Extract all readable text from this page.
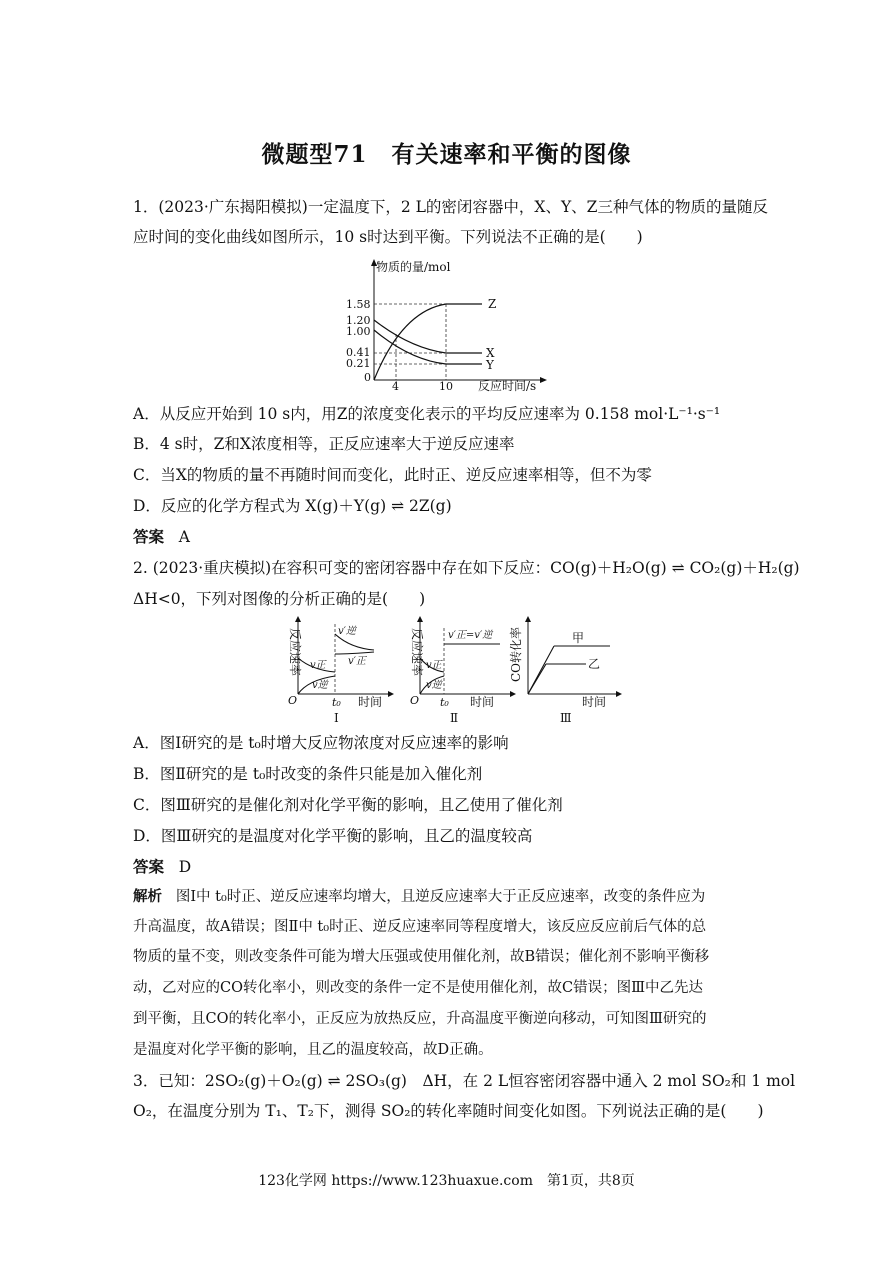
微题型71　有关速率和平衡的图像
1．(2023·广东揭阳模拟)一定温度下，2 L的密闭容器中，X、Y、Z三种气体的物质的量随反
应时间的变化曲线如图所示，10 s时达到平衡。下列说法不正确的是(　　)
物质的量/mol
反应时间/s
0
1.58
1.20
1.00
0.41
0.21
4	10
Z
X
Y
A．从反应开始到 10 s内，用Z的浓度变化表示的平均反应速率为 0.158 mol·L⁻¹·s⁻¹
B．4 s时，Z和X浓度相等，正反应速率大于逆反应速率
C．当X的物质的量不再随时间而变化，此时正、逆反应速率相等，但不为零
D．反应的化学方程式为 X(g)＋Y(g) ⇌ 2Z(g)
答案 A
2. (2023·重庆模拟)在容积可变的密闭容器中存在如下反应：CO(g)＋H₂O(g) ⇌ CO₂(g)＋H₂(g)
ΔH<0，下列对图像的分析正确的是(　　)
反应速率
O	t₀ 时间
v正
v逆
v′逆
v′正
Ⅰ
反应速率
O t₀ 时间
v′正=v′逆
v正
v逆
Ⅱ
CO转化率	甲
乙
时间
Ⅲ
A．图Ⅰ研究的是 t₀时增大反应物浓度对反应速率的影响
B．图Ⅱ研究的是 t₀时改变的条件只能是加入催化剂
C．图Ⅲ研究的是催化剂对化学平衡的影响，且乙使用了催化剂
D．图Ⅲ研究的是温度对化学平衡的影响，且乙的温度较高
答案 D
解析 图Ⅰ中 t₀时正、逆反应速率均增大，且逆反应速率大于正反应速率，改变的条件应为
升高温度，故A错误；图Ⅱ中 t₀时正、逆反应速率同等程度增大，该反应反应前后气体的总
物质的量不变，则改变条件可能为增大压强或使用催化剂，故B错误；催化剂不影响平衡移
动，乙对应的CO转化率小，则改变的条件一定不是使用催化剂，故C错误；图Ⅲ中乙先达
到平衡，且CO的转化率小，正反应为放热反应，升高温度平衡逆向移动，可知图Ⅲ研究的
是温度对化学平衡的影响，且乙的温度较高，故D正确。
3．已知：2SO₂(g)＋O₂(g) ⇌ 2SO₃(g)　ΔH，在 2 L恒容密闭容器中通入 2 mol SO₂和 1 mol
O₂，在温度分别为 T₁、T₂下，测得 SO₂的转化率随时间变化如图。下列说法正确的是(　　)
123化学网 https://www.123huaxue.com　第1页，共8页
